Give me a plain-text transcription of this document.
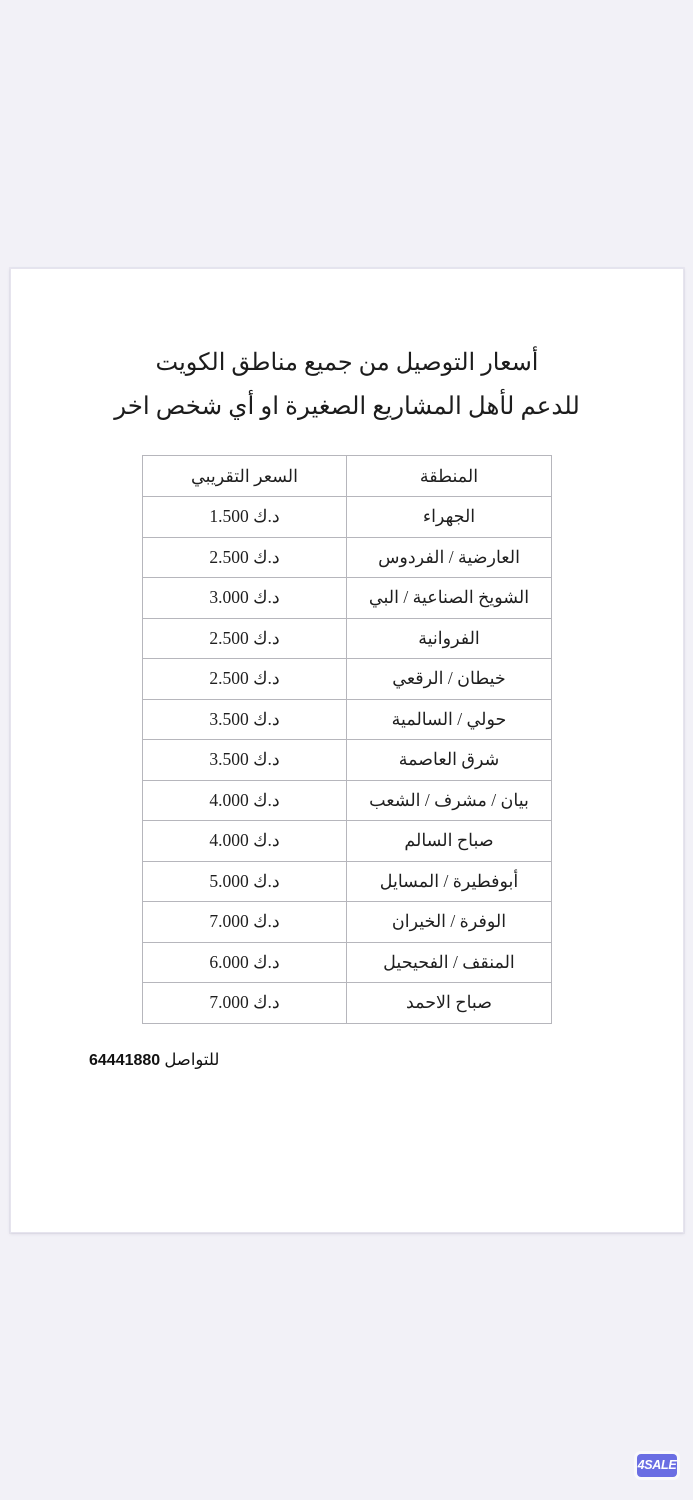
أسعار التوصيل من جميع مناطق الكويت
للدعم لأهل المشاريع الصغيرة او أي شخص اخر
المنطقة	السعر التقريبي
الجهراء	1.500 د.ك
العارضية / الفردوس	2.500 د.ك
الشويخ الصناعية / البي	3.000 د.ك
الفروانية	2.500 د.ك
خيطان / الرقعي	2.500 د.ك
حولي / السالمية	3.500 د.ك
شرق العاصمة	3.500 د.ك
بيان / مشرف / الشعب	4.000 د.ك
صباح السالم	4.000 د.ك
أبوفطيرة / المسايل	5.000 د.ك
الوفرة / الخيران	7.000 د.ك
المنقف / الفحيحيل	6.000 د.ك
صباح الاحمد	7.000 د.ك
للتواصل 64441880
4SALE
